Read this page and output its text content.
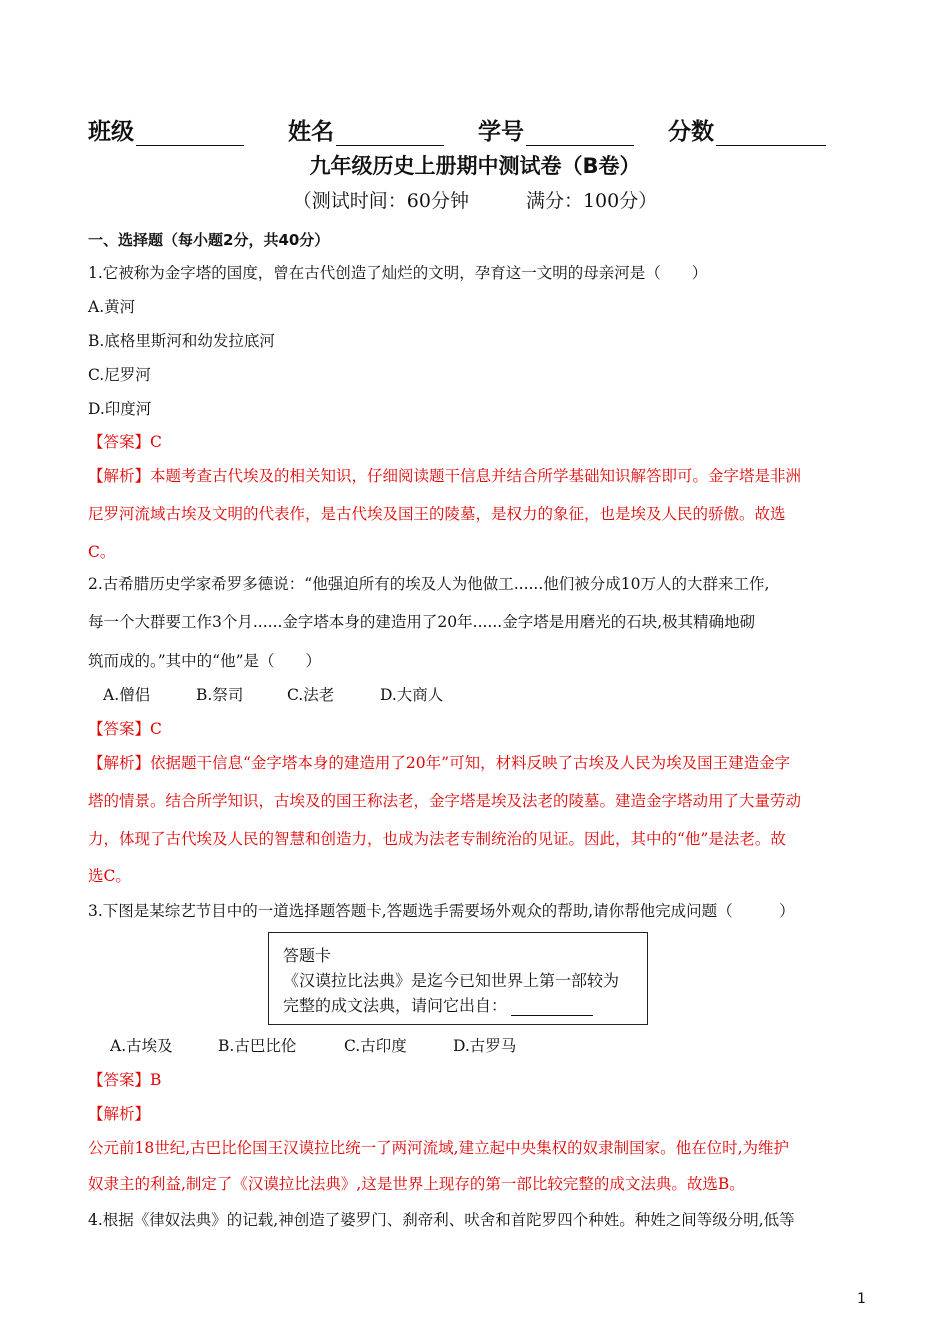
班级	姓名	学号	分数
九年级历史上册期中测试卷（B卷）
（测试时间：60分钟　　　满分：100分）
一、选择题（每小题2分，共40分）
1.它被称为金字塔的国度，曾在古代创造了灿烂的文明，孕育这一文明的母亲河是（　　）
A.黄河
B.底格里斯河和幼发拉底河
C.尼罗河
D.印度河
【答案】C
【解析】本题考查古代埃及的相关知识，仔细阅读题干信息并结合所学基础知识解答即可。金字塔是非洲
尼罗河流域古埃及文明的代表作，是古代埃及国王的陵墓，是权力的象征，也是埃及人民的骄傲。故选
C。
2.古希腊历史学家希罗多德说：“他强迫所有的埃及人为他做工......他们被分成10万人的大群来工作,
每一个大群要工作3个月......金字塔本身的建造用了20年......金字塔是用磨光的石块,极其精确地砌
筑而成的。”其中的“他”是（　　）
A.僧侣	B.祭司	C.法老	D.大商人
【答案】C
【解析】依据题干信息“金字塔本身的建造用了20年”可知，材料反映了古埃及人民为埃及国王建造金字
塔的情景。结合所学知识，古埃及的国王称法老，金字塔是埃及法老的陵墓。建造金字塔动用了大量劳动
力，体现了古代埃及人民的智慧和创造力，也成为法老专制统治的见证。因此，其中的“他”是法老。故
选C。
3.下图是某综艺节目中的一道选择题答题卡,答题选手需要场外观众的帮助,请你帮他完成问题（　　　）
答题卡
《汉谟拉比法典》是迄今已知世界上第一部较为
完整的成文法典，请问它出自：
A.古埃及	B.古巴比伦	C.古印度	D.古罗马
【答案】B
【解析】
公元前18世纪,古巴比伦国王汉谟拉比统一了两河流域,建立起中央集权的奴隶制国家。他在位时,为维护
奴隶主的利益,制定了《汉谟拉比法典》,这是世界上现存的第一部比较完整的成文法典。故选B。
4.根据《律奴法典》的记载,神创造了婆罗门、刹帝利、吠舍和首陀罗四个种姓。种姓之间等级分明,低等
1
